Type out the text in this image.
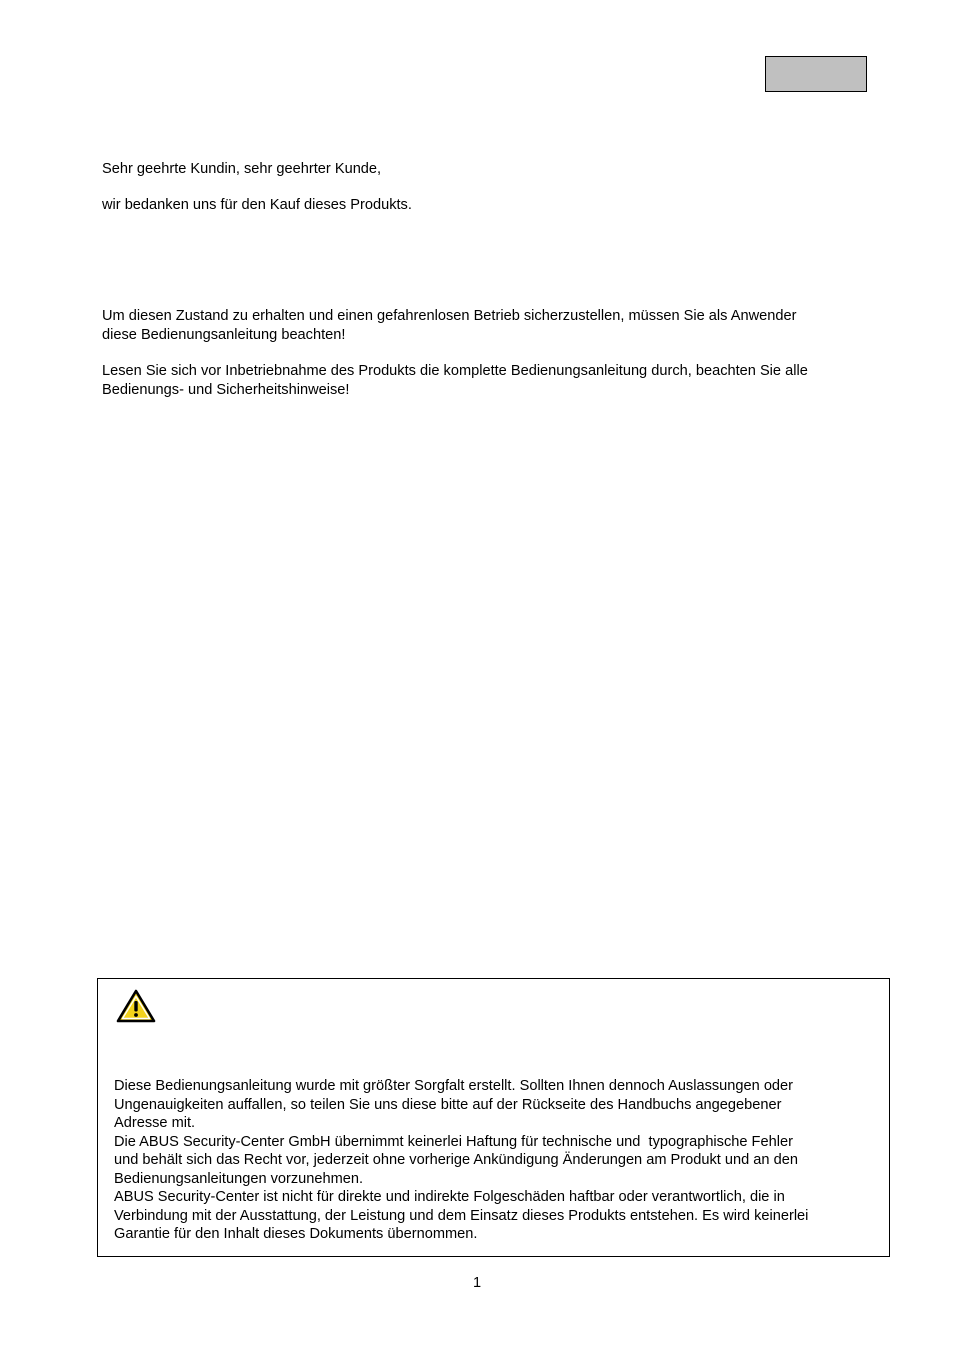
Sehr geehrte Kundin, sehr geehrter Kunde,

wir bedanken uns für den Kauf dieses Produkts.

Um diesen Zustand zu erhalten und einen gefahrenlosen Betrieb sicherzustellen, müssen Sie als Anwender
diese Bedienungsanleitung beachten!

Lesen Sie sich vor Inbetriebnahme des Produkts die komplette Bedienungsanleitung durch, beachten Sie alle
Bedienungs- und Sicherheitshinweise!

Diese Bedienungsanleitung wurde mit größter Sorgfalt erstellt. Sollten Ihnen dennoch Auslassungen oder
Ungenauigkeiten auffallen, so teilen Sie uns diese bitte auf der Rückseite des Handbuchs angegebener
Adresse mit.
Die ABUS Security-Center GmbH übernimmt keinerlei Haftung für technische und  typographische Fehler
und behält sich das Recht vor, jederzeit ohne vorherige Ankündigung Änderungen am Produkt und an den
Bedienungsanleitungen vorzunehmen.
ABUS Security-Center ist nicht für direkte und indirekte Folgeschäden haftbar oder verantwortlich, die in
Verbindung mit der Ausstattung, der Leistung und dem Einsatz dieses Produkts entstehen. Es wird keinerlei
Garantie für den Inhalt dieses Dokuments übernommen.

1
